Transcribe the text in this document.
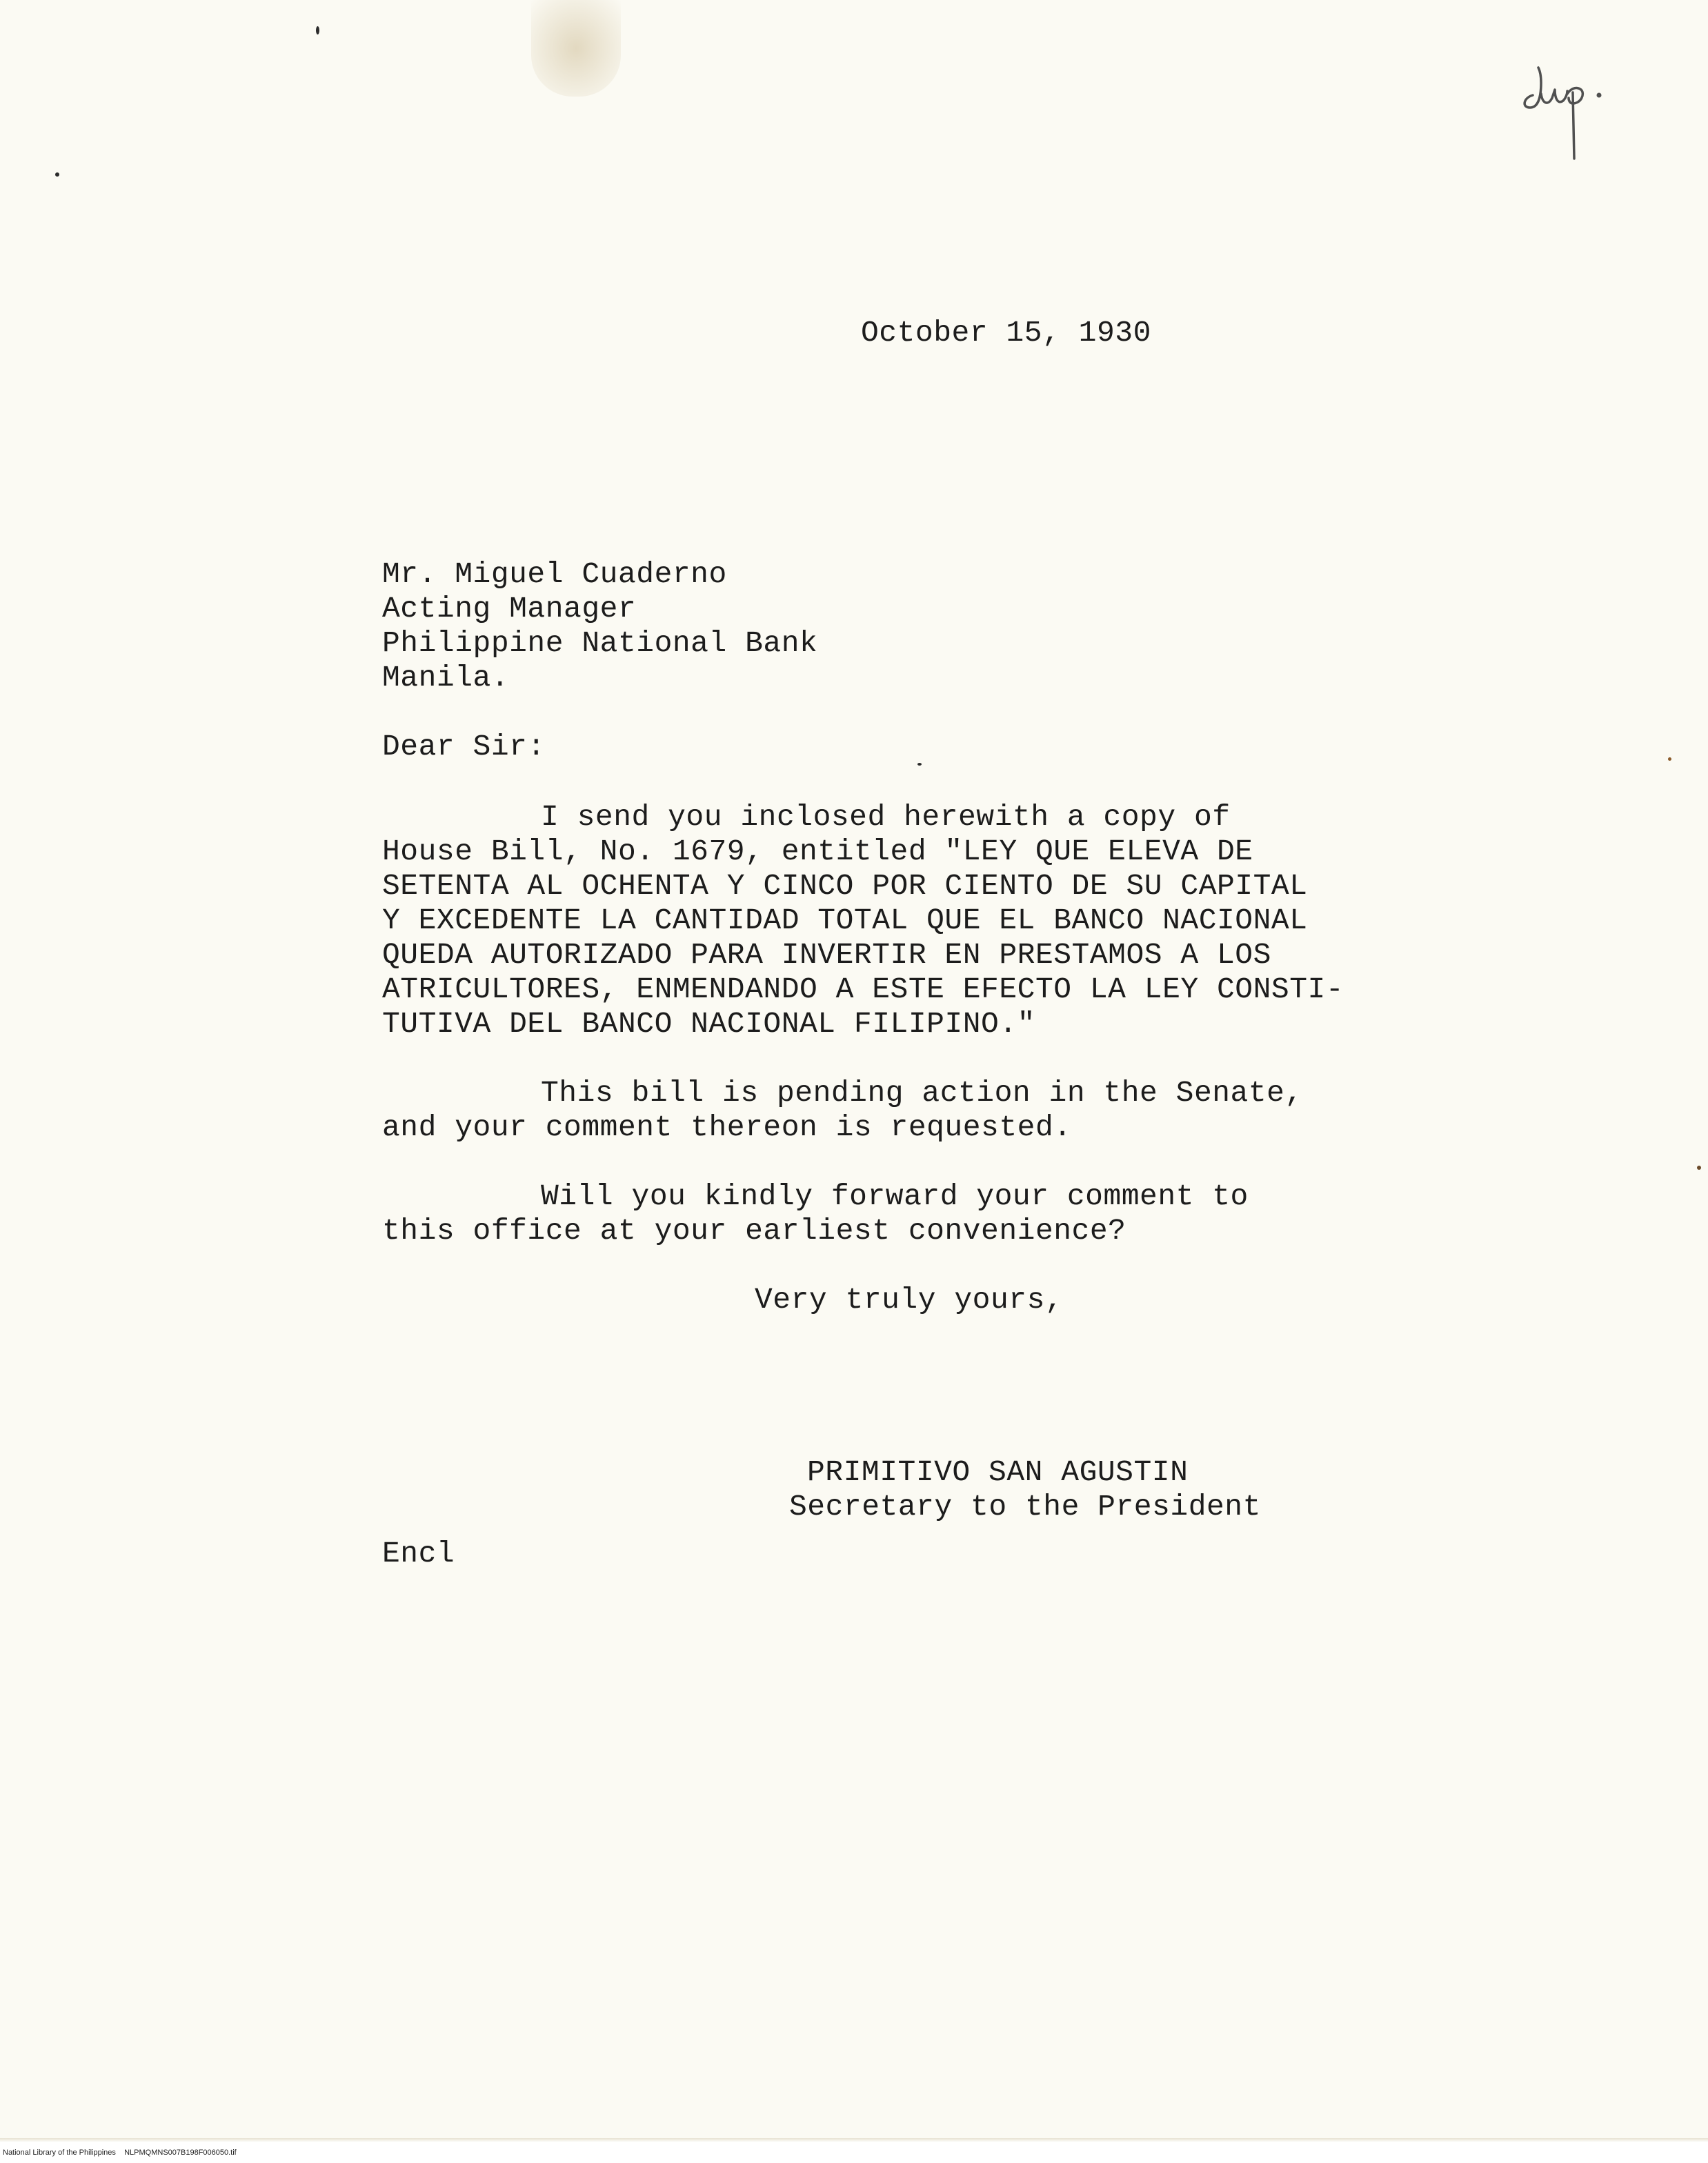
October 15, 1930
Mr. Miguel Cuaderno
Acting Manager
Philippine National Bank
Manila.
Dear Sir:
I send you inclosed herewith a copy of
House Bill, No. 1679, entitled "LEY QUE ELEVA DE
SETENTA AL OCHENTA Y CINCO POR CIENTO DE SU CAPITAL
Y EXCEDENTE LA CANTIDAD TOTAL QUE EL BANCO NACIONAL
QUEDA AUTORIZADO PARA INVERTIR EN PRESTAMOS A LOS
ATRICULTORES, ENMENDANDO A ESTE EFECTO LA LEY CONSTI-
TUTIVA DEL BANCO NACIONAL FILIPINO."
This bill is pending action in the Senate,
and your comment thereon is requested.
Will you kindly forward your comment to
this office at your earliest convenience?
Very truly yours,
PRIMITIVO SAN AGUSTIN
Secretary to the President
Encl
National Library of the Philippines    NLPMQMNS007B198F006050.tif
